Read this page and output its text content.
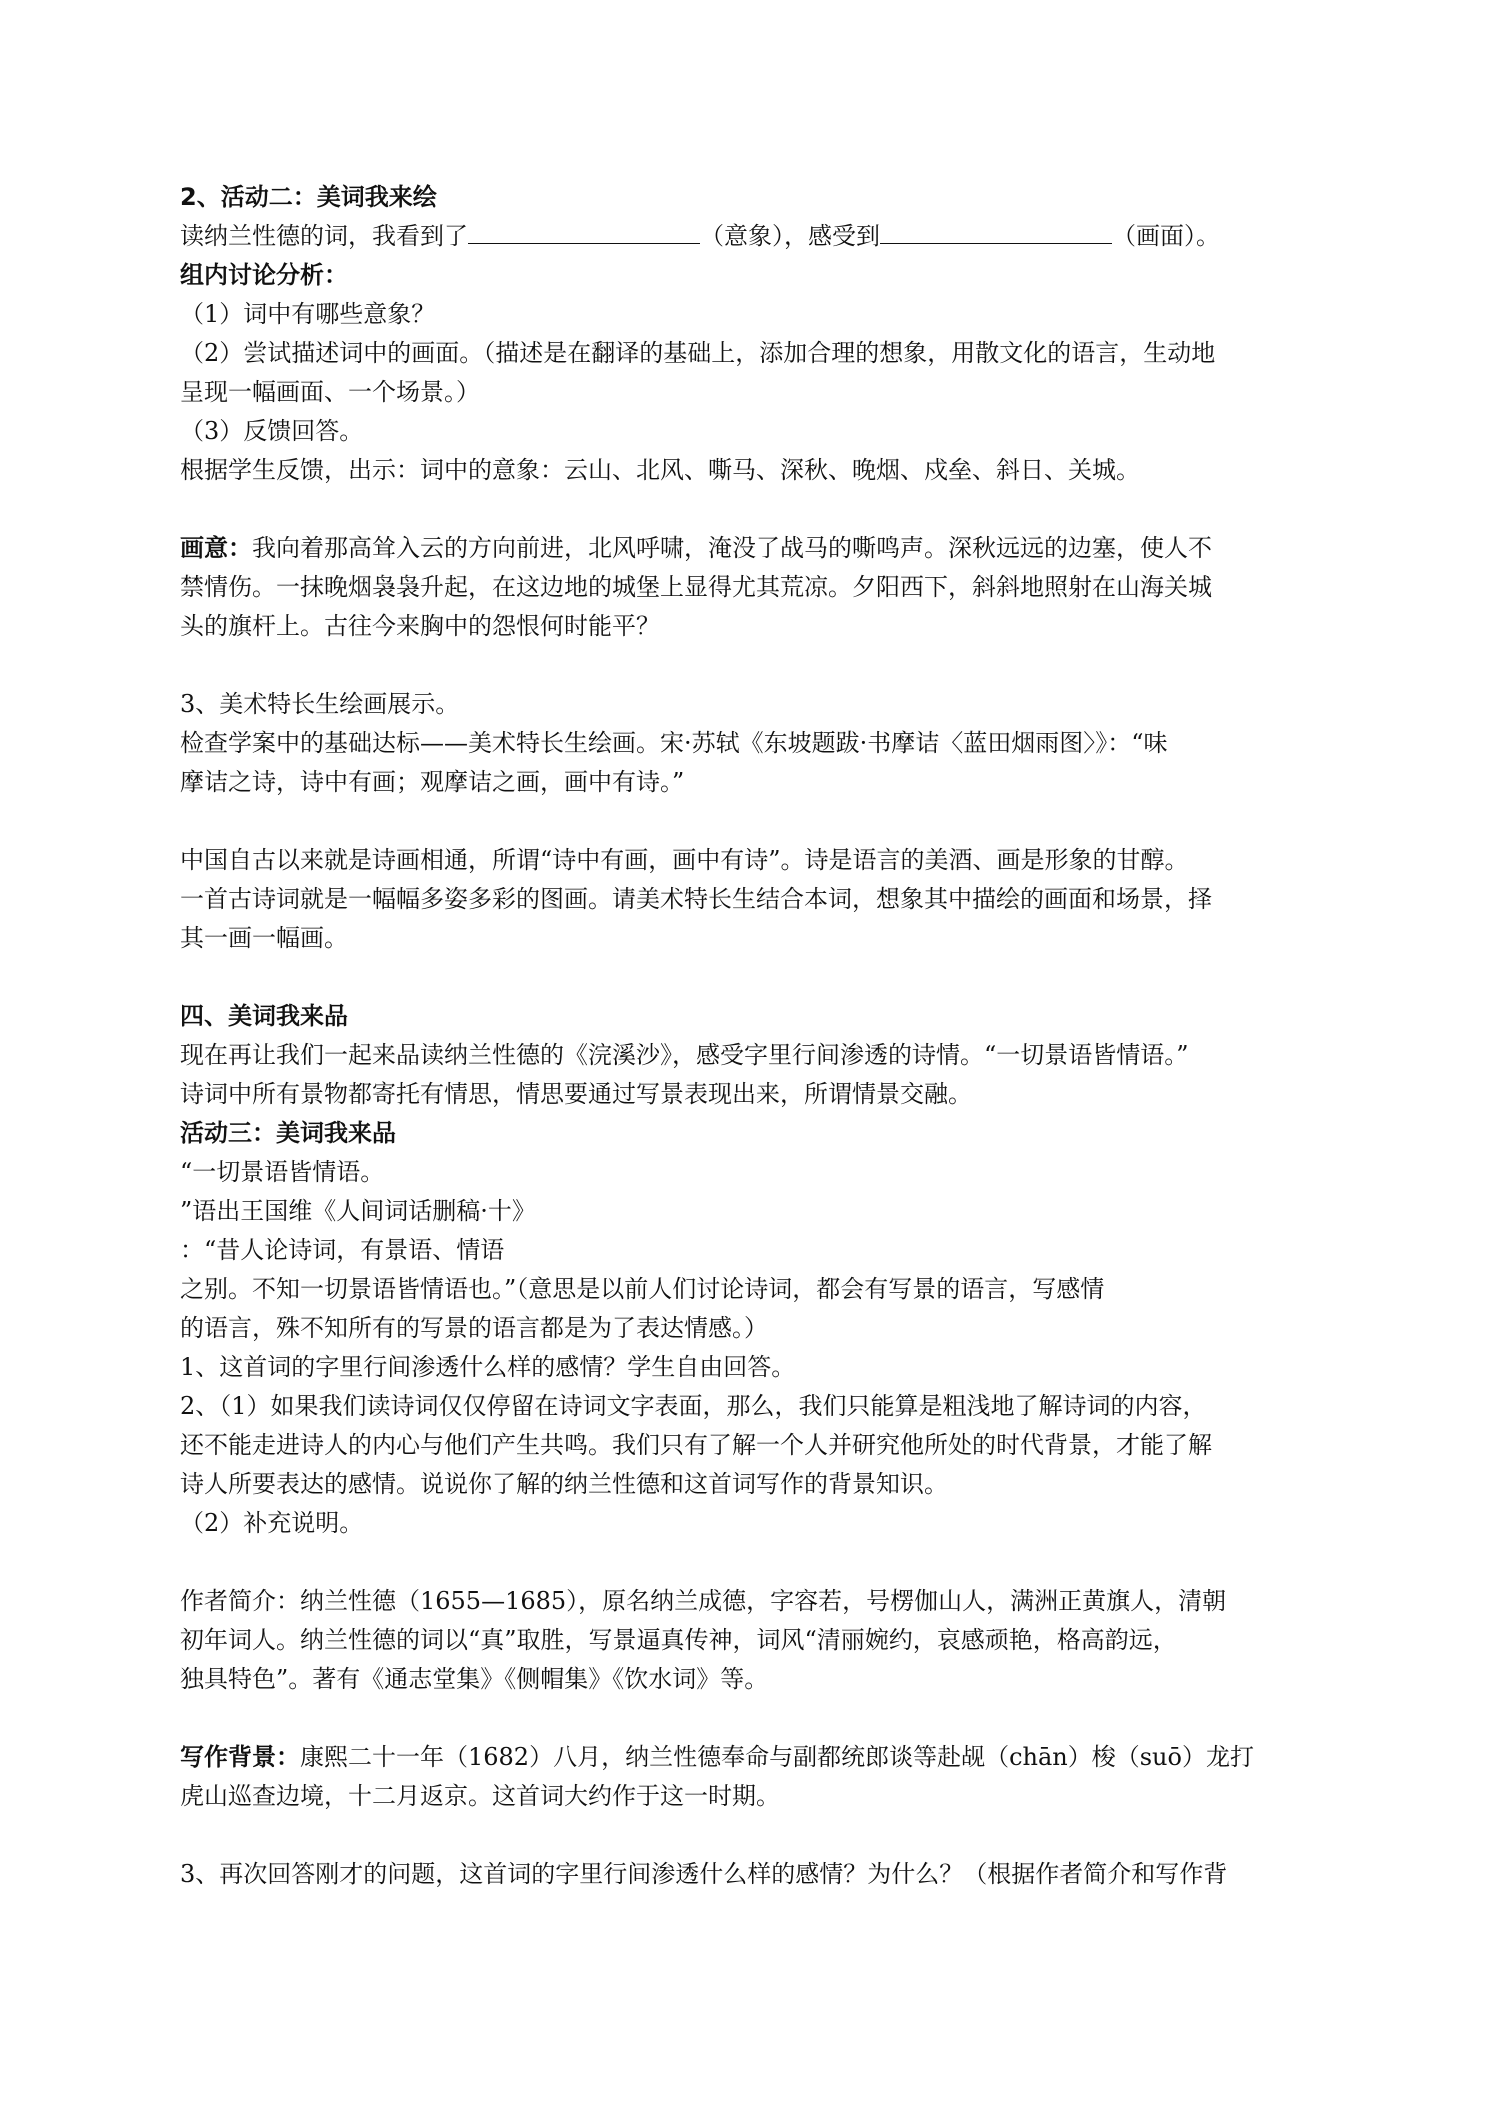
2、活动二：美词我来绘
读纳兰性德的词，我看到了	（意象），感受到	（画面）。
组内讨论分析：
（1）词中有哪些意象？
（2）尝试描述词中的画面。（描述是在翻译的基础上，添加合理的想象，用散文化的语言，生动地
呈现一幅画面、一个场景。）
（3）反馈回答。
根据学生反馈，出示：词中的意象：云山、北风、嘶马、深秋、晚烟、戍垒、斜日、关城。
画意：我向着那高耸入云的方向前进，北风呼啸，淹没了战马的嘶鸣声。深秋远远的边塞，使人不
禁情伤。一抹晚烟袅袅升起，在这边地的城堡上显得尤其荒凉。夕阳西下，斜斜地照射在山海关城
头的旗杆上。古往今来胸中的怨恨何时能平？
3、美术特长生绘画展示。
检查学案中的基础达标——美术特长生绘画。宋·苏轼《东坡题跋·书摩诘〈蓝田烟雨图〉》：“味
摩诘之诗，诗中有画；观摩诘之画，画中有诗。”
中国自古以来就是诗画相通，所谓“诗中有画，画中有诗”。诗是语言的美酒、画是形象的甘醇。
一首古诗词就是一幅幅多姿多彩的图画。请美术特长生结合本词，想象其中描绘的画面和场景，择
其一画一幅画。
四、美词我来品
现在再让我们一起来品读纳兰性德的《浣溪沙》，感受字里行间渗透的诗情。“一切景语皆情语。”
诗词中所有景物都寄托有情思，情思要通过写景表现出来，所谓情景交融。
活动三：美词我来品
“一切景语皆情语。
”语出王国维《人间词话删稿·十》
：“昔人论诗词，有景语、情语
之别。不知一切景语皆情语也。”（意思是以前人们讨论诗词，都会有写景的语言，写感情
的语言，殊不知所有的写景的语言都是为了表达情感。）
1、这首词的字里行间渗透什么样的感情？学生自由回答。
2、（1）如果我们读诗词仅仅停留在诗词文字表面，那么，我们只能算是粗浅地了解诗词的内容，
还不能走进诗人的内心与他们产生共鸣。我们只有了解一个人并研究他所处的时代背景，才能了解
诗人所要表达的感情。说说你了解的纳兰性德和这首词写作的背景知识。
（2）补充说明。
作者简介：纳兰性德（1655—1685），原名纳兰成德，字容若，号楞伽山人，满洲正黄旗人，清朝
初年词人。纳兰性德的词以“真”取胜，写景逼真传神，词风“清丽婉约，哀感顽艳，格高韵远，
独具特色”。著有《通志堂集》《侧帽集》《饮水词》等。
写作背景：康熙二十一年（1682）八月，纳兰性德奉命与副都统郎谈等赴觇（chān）梭（suō）龙打
虎山巡查边境，十二月返京。这首词大约作于这一时期。
3、再次回答刚才的问题，这首词的字里行间渗透什么样的感情？为什么？（根据作者简介和写作背
